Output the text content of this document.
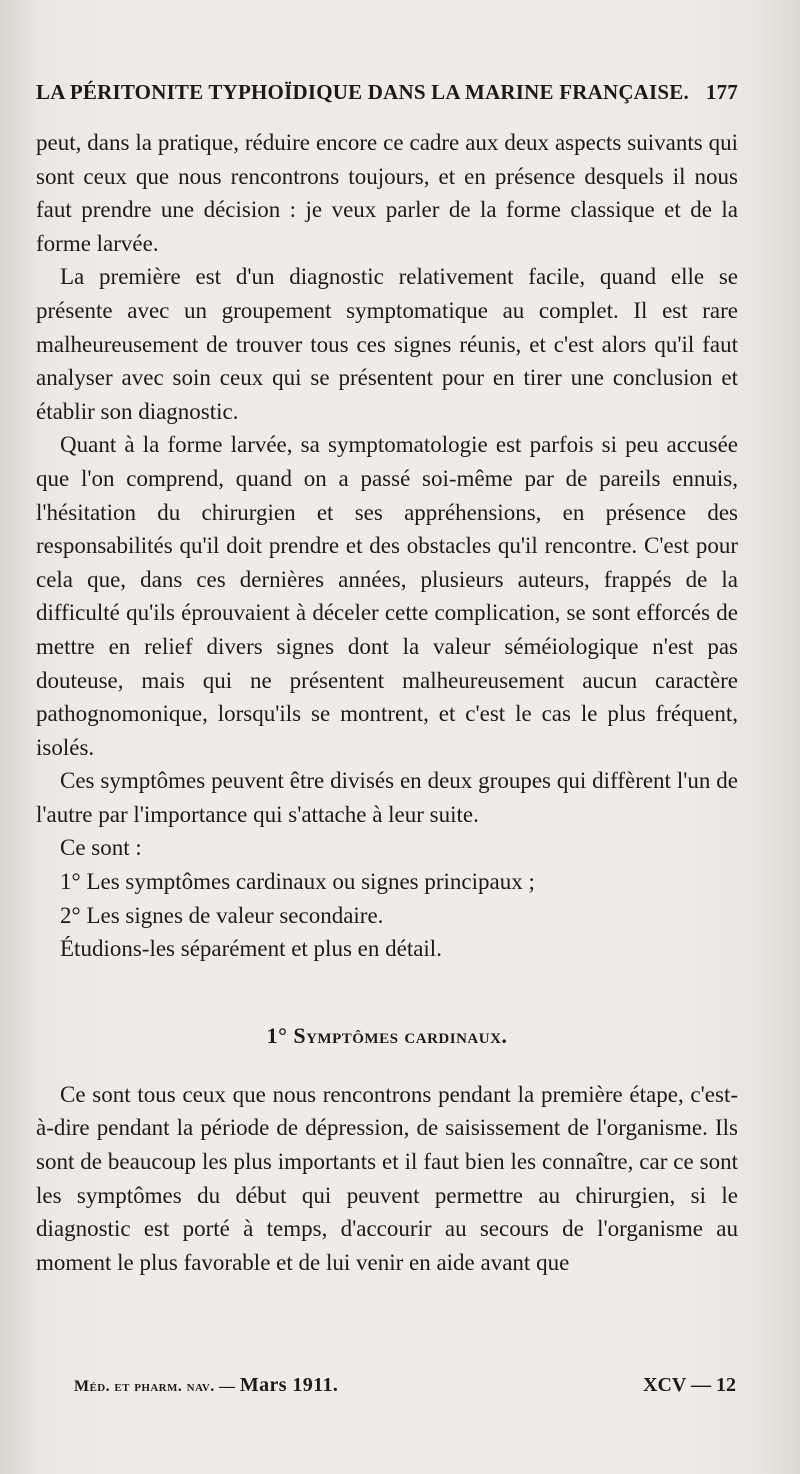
LA PÉRITONITE TYPHOÏDIQUE DANS LA MARINE FRANÇAISE. 177

peut, dans la pratique, réduire encore ce cadre aux deux aspects suivants qui sont ceux que nous rencontrons toujours, et en présence desquels il nous faut prendre une décision : je veux parler de la forme classique et de la forme larvée.

La première est d'un diagnostic relativement facile, quand elle se présente avec un groupement symptomatique au complet. Il est rare malheureusement de trouver tous ces signes réunis, et c'est alors qu'il faut analyser avec soin ceux qui se présentent pour en tirer une conclusion et établir son diagnostic.

Quant à la forme larvée, sa symptomatologie est parfois si peu accusée que l'on comprend, quand on a passé soi-même par de pareils ennuis, l'hésitation du chirurgien et ses appréhensions, en présence des responsabilités qu'il doit prendre et des obstacles qu'il rencontre. C'est pour cela que, dans ces dernières années, plusieurs auteurs, frappés de la difficulté qu'ils éprouvaient à déceler cette complication, se sont efforcés de mettre en relief divers signes dont la valeur séméiologique n'est pas douteuse, mais qui ne présentent malheureusement aucun caractère pathognomonique, lorsqu'ils se montrent, et c'est le cas le plus fréquent, isolés.

Ces symptômes peuvent être divisés en deux groupes qui diffèrent l'un de l'autre par l'importance qui s'attache à leur suite.

Ce sont :

1° Les symptômes cardinaux ou signes principaux ;

2° Les signes de valeur secondaire.

Étudions-les séparément et plus en détail.

1° Symptômes cardinaux.

Ce sont tous ceux que nous rencontrons pendant la première étape, c'est-à-dire pendant la période de dépression, de saisissement de l'organisme. Ils sont de beaucoup les plus importants et il faut bien les connaître, car ce sont les symptômes du début qui peuvent permettre au chirurgien, si le diagnostic est porté à temps, d'accourir au secours de l'organisme au moment le plus favorable et de lui venir en aide avant que

Méd. et pharm. nav. — Mars 1911.	XCV — 12
